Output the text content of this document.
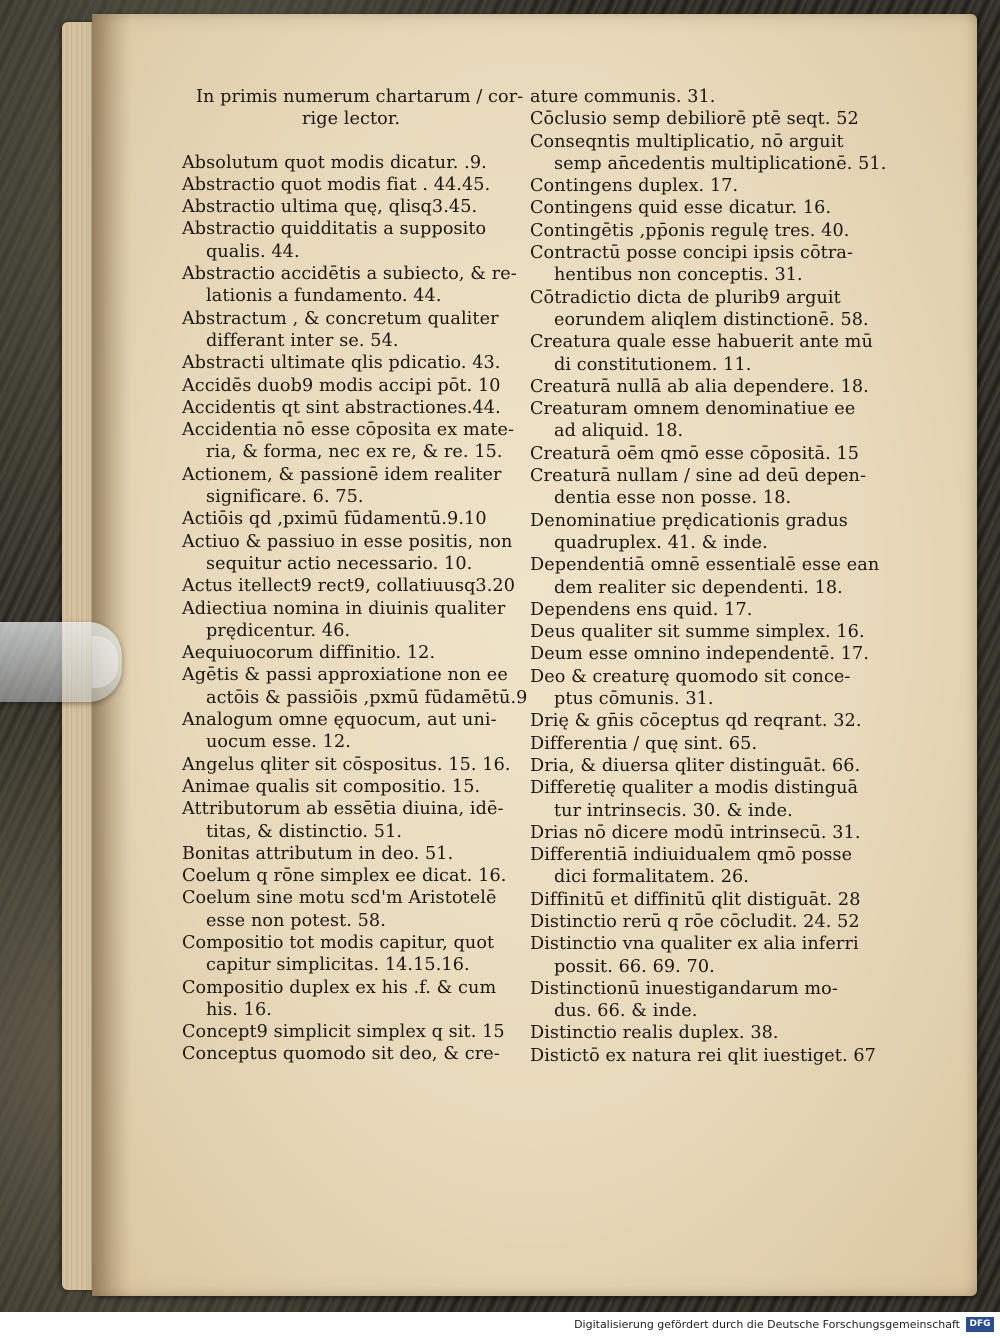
In primis numerum chartarum / cor-
rige lector.
Absolutum quot modis dicatur. .9.
Abstractio quot modis fiat . 44.45.
Abstractio ultima quę, qlisq3.45.
Abstractio quidditatis a supposito
qualis. 44.
Abstractio accidētis a subiecto, & re-
lationis a fundamento. 44.
Abstractum , & concretum qualiter
differant inter se. 54.
Abstracti ultimate qlis pdicatio. 43.
Accidēs duob9 modis accipi pōt. 10
Accidentis qt sint abstractiones.44.
Accidentia nō esse cōposita ex mate-
ria, & forma, nec ex re, & re. 15.
Actionem, & passionē idem realiter
significare. 6. 75.
Actiōis qd ,pximū fūdamentū.9.10
Actiuo & passiuo in esse positis, non
sequitur actio necessario. 10.
Actus itellect9 rect9, collatiuusq3.20
Adiectiua nomina in diuinis qualiter
prędicentur. 46.
Aequiuocorum diffinitio. 12.
Agētis & passi approxiatione non ee
actōis & passiōis ,pxmū fūdamētū.9
Analogum omne ęquocum, aut uni-
uocum esse. 12.
Angelus qliter sit cōspositus. 15. 16.
Animae qualis sit compositio. 15.
Attributorum ab essētia diuina, idē-
titas, & distinctio. 51.
Bonitas attributum in deo. 51.
Coelum q rōne simplex ee dicat. 16.
Coelum sine motu scd'm Aristotelē
esse non potest. 58.
Compositio tot modis capitur, quot
capitur simplicitas. 14.15.16.
Compositio duplex ex his .f. & cum
his. 16.
Concept9 simplicit simplex q sit. 15
Conceptus quomodo sit deo, & cre-
ature communis. 31.
Cōclusio semp debiliorē ptē seqt. 52
Conseqntis multiplicatio, nō arguit
semp an̄cedentis multiplicationē. 51.
Contingens duplex. 17.
Contingens quid esse dicatur. 16.
Contingētis ,pp̄onis regulę tres. 40.
Contractū posse concipi ipsis cōtra-
hentibus non conceptis. 31.
Cōtradictio dicta de plurib9 arguit
eorundem aliqlem distinctionē. 58.
Creatura quale esse habuerit ante mū
di constitutionem. 11.
Creaturā nullā ab alia dependere. 18.
Creaturam omnem denominatiue ee
ad aliquid. 18.
Creaturā oēm qmō esse cōpositā. 15
Creaturā nullam / sine ad deū depen-
dentia esse non posse. 18.
Denominatiue prędicationis gradus
quadruplex. 41. & inde.
Dependentiā omnē essentialē esse ean
dem realiter sic dependenti. 18.
Dependens ens quid. 17.
Deus qualiter sit summe simplex. 16.
Deum esse omnino independentē. 17.
Deo & creaturę quomodo sit conce-
ptus cōmunis. 31.
Drię & gn̄is cōceptus qd reqrant. 32.
Differentia / quę sint. 65.
Dria, & diuersa qliter distinguāt. 66.
Differetię qualiter a modis distinguā
tur intrinsecis. 30. & inde.
Drias nō dicere modū intrinsecū. 31.
Differentiā indiuidualem qmō posse
dici formalitatem. 26.
Diffinitū et diffinitū qlit distiguāt. 28
Distinctio rerū q rōe cōcludit. 24. 52
Distinctio vna qualiter ex alia inferri
possit. 66. 69. 70.
Distinctionū inuestigandarum mo-
dus. 66. & inde.
Distinctio realis duplex. 38.
Distictō ex natura rei qlit iuestiget. 67
Digitalisierung gefördert durch die Deutsche Forschungsgemeinschaft	DFG
